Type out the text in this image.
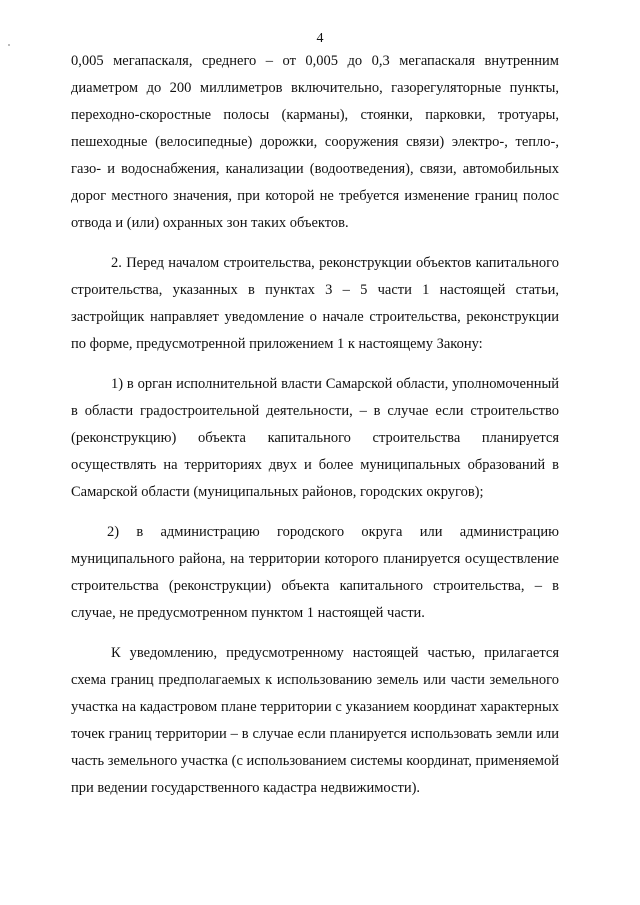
4

0,005 мегапаскаля, среднего – от 0,005 до 0,3 мегапаскаля внутренним диаметром до 200 миллиметров включительно, газорегуляторные пункты, переходно-скоростные полосы (карманы), стоянки, парковки, тротуары, пешеходные (велосипедные) дорожки, сооружения связи) электро-, тепло-, газо- и водоснабжения, канализации (водоотведения), связи, автомобильных дорог местного значения, при которой не требуется изменение границ полос отвода и (или) охранных зон таких объектов.

2. Перед началом строительства, реконструкции объектов капитального строительства, указанных в пунктах 3 – 5 части 1 настоящей статьи, застройщик направляет уведомление о начале строительства, реконструкции по форме, предусмотренной приложением 1 к настоящему Закону:

1) в орган исполнительной власти Самарской области, уполномоченный в области градостроительной деятельности, – в случае если строительство (реконструкцию) объекта капитального строительства планируется осуществлять на территориях двух и более муниципальных образований в Самарской области (муниципальных районов, городских округов);

2) в администрацию городского округа или администрацию муниципального района, на территории которого планируется осуществление строительства (реконструкции) объекта капитального строительства, – в случае, не предусмотренном пунктом 1 настоящей части.

К уведомлению, предусмотренному настоящей частью, прилагается схема границ предполагаемых к использованию земель или части земельного участка на кадастровом плане территории с указанием координат характерных точек границ территории – в случае если планируется использовать земли или часть земельного участка (с использованием системы координат, применяемой при ведении государственного кадастра недвижимости).
